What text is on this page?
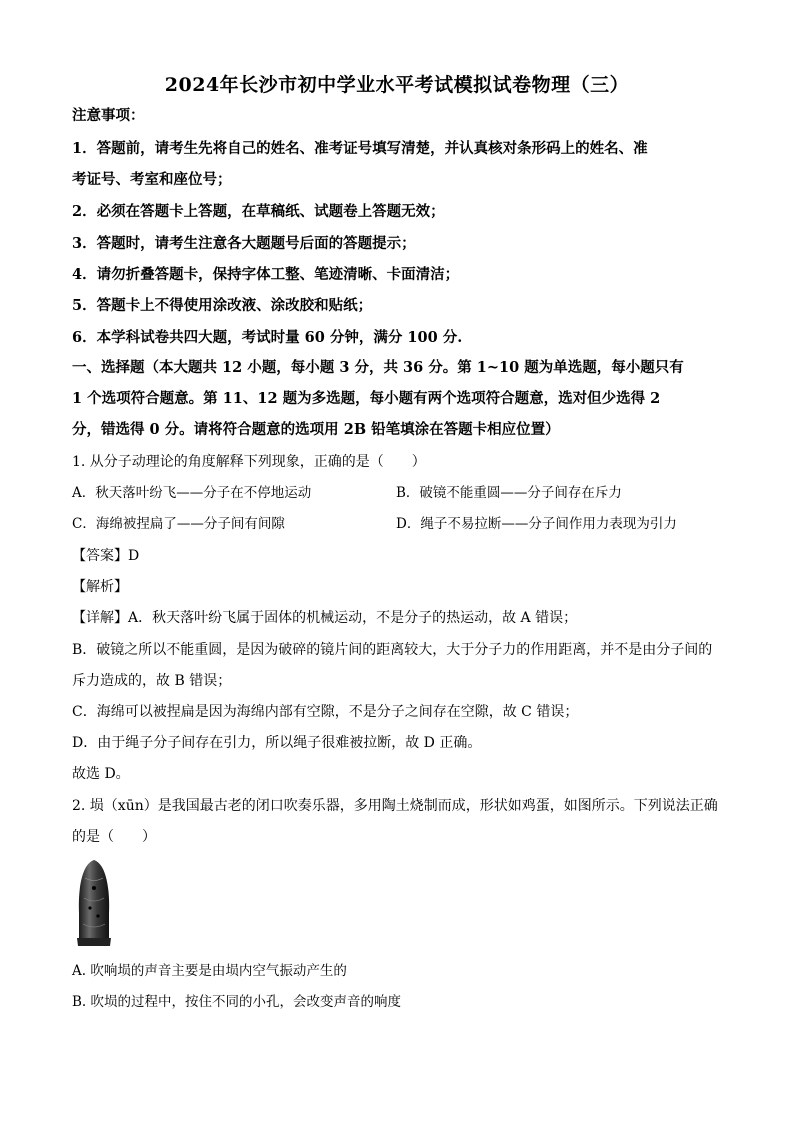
2024年长沙市初中学业水平考试模拟试卷物理（三）
注意事项：
1．答题前，请考生先将自己的姓名、准考证号填写清楚，并认真核对条形码上的姓名、准
考证号、考室和座位号；
2．必须在答题卡上答题，在草稿纸、试题卷上答题无效；
3．答题时，请考生注意各大题题号后面的答题提示；
4．请勿折叠答题卡，保持字体工整、笔迹清晰、卡面清洁；
5．答题卡上不得使用涂改液、涂改胶和贴纸；
6．本学科试卷共四大题，考试时量 60 分钟，满分 100 分.
一、选择题（本大题共 12 小题，每小题 3 分，共 36 分。第 1~10 题为单选题，每小题只有
1 个选项符合题意。第 11、12 题为多选题，每小题有两个选项符合题意，选对但少选得 2
分，错选得 0 分。请将符合题意的选项用 2B 铅笔填涂在答题卡相应位置）
1. 从分子动理论的角度解释下列现象，正确的是（　　）
A．秋天落叶纷飞——分子在不停地运动	B．破镜不能重圆——分子间存在斥力
C．海绵被捏扁了——分子间有间隙	D．绳子不易拉断——分子间作用力表现为引力
【答案】D
【解析】
【详解】A．秋天落叶纷飞属于固体的机械运动，不是分子的热运动，故 A 错误；
B．破镜之所以不能重圆，是因为破碎的镜片间的距离较大，大于分子力的作用距离，并不是由分子间的
斥力造成的，故 B 错误；
C．海绵可以被捏扁是因为海绵内部有空隙，不是分子之间存在空隙，故 C 错误；
D．由于绳子分子间存在引力，所以绳子很难被拉断，故 D 正确。
故选 D。
2. 埙（xūn）是我国最古老的闭口吹奏乐器，多用陶土烧制而成，形状如鸡蛋，如图所示。下列说法正确
的是（　　）
A. 吹响埙的声音主要是由埙内空气振动产生的
B. 吹埙的过程中，按住不同的小孔，会改变声音的响度
